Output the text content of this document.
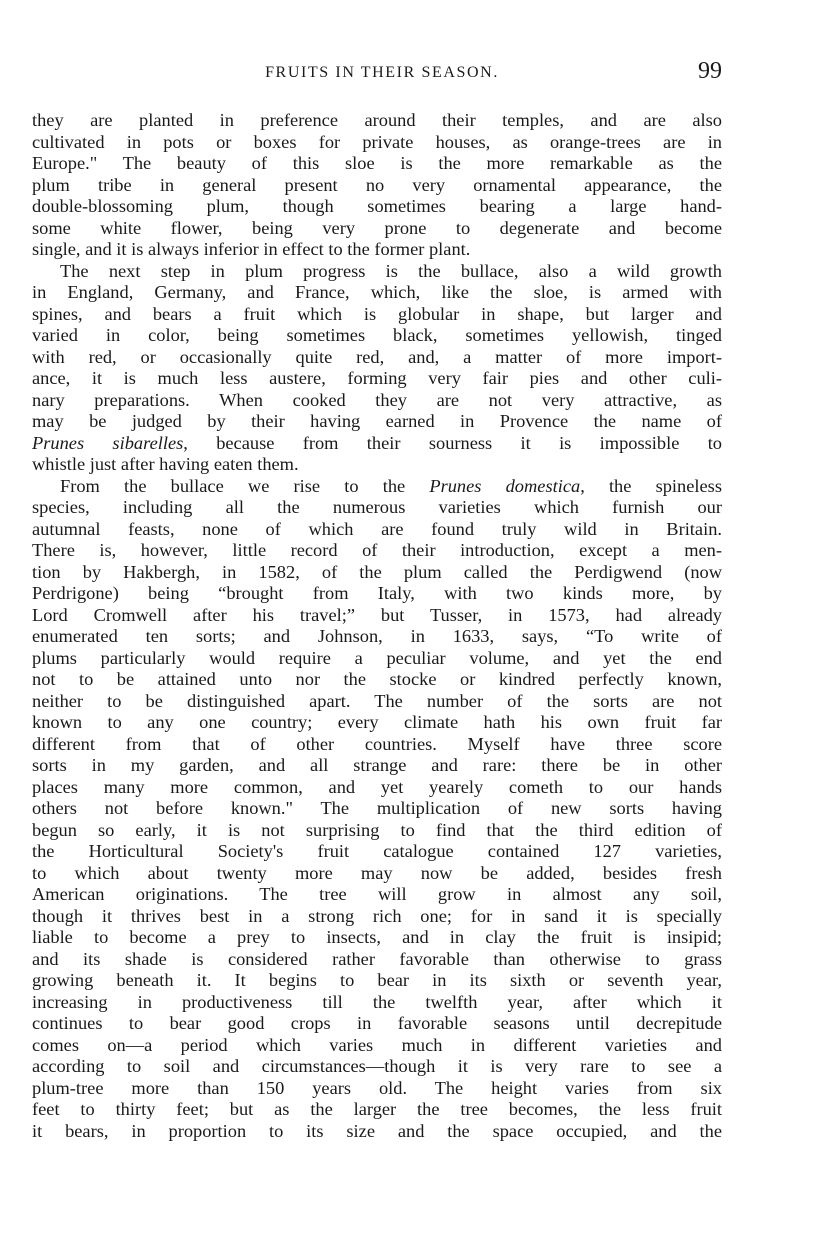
FRUITS IN THEIR SEASON.	99
they are planted in preference around their temples, and are also
cultivated in pots or boxes for private houses, as orange-trees are in
Europe." The beauty of this sloe is the more remarkable as the
plum tribe in general present no very ornamental appearance, the
double-blossoming plum, though sometimes bearing a large hand-
some white flower, being very prone to degenerate and become
single, and it is always inferior in effect to the former plant.
The next step in plum progress is the bullace, also a wild growth
in England, Germany, and France, which, like the sloe, is armed with
spines, and bears a fruit which is globular in shape, but larger and
varied in color, being sometimes black, sometimes yellowish, tinged
with red, or occasionally quite red, and, a matter of more import-
ance, it is much less austere, forming very fair pies and other culi-
nary preparations. When cooked they are not very attractive, as
may be judged by their having earned in Provence the name of
Prunes sibarelles, because from their sourness it is impossible to
whistle just after having eaten them.
From the bullace we rise to the Prunes domestica, the spineless
species, including all the numerous varieties which furnish our
autumnal feasts, none of which are found truly wild in Britain.
There is, however, little record of their introduction, except a men-
tion by Hakbergh, in 1582, of the plum called the Perdigwend (now
Perdrigone) being “brought from Italy, with two kinds more, by
Lord Cromwell after his travel;” but Tusser, in 1573, had already
enumerated ten sorts; and Johnson, in 1633, says, “To write of
plums particularly would require a peculiar volume, and yet the end
not to be attained unto nor the stocke or kindred perfectly known,
neither to be distinguished apart. The number of the sorts are not
known to any one country; every climate hath his own fruit far
different from that of other countries. Myself have three score
sorts in my garden, and all strange and rare: there be in other
places many more common, and yet yearely cometh to our hands
others not before known." The multiplication of new sorts having
begun so early, it is not surprising to find that the third edition of
the Horticultural Society's fruit catalogue contained 127 varieties,
to which about twenty more may now be added, besides fresh
American originations. The tree will grow in almost any soil,
though it thrives best in a strong rich one; for in sand it is specially
liable to become a prey to insects, and in clay the fruit is insipid;
and its shade is considered rather favorable than otherwise to grass
growing beneath it. It begins to bear in its sixth or seventh year,
increasing in productiveness till the twelfth year, after which it
continues to bear good crops in favorable seasons until decrepitude
comes on—a period which varies much in different varieties and
according to soil and circumstances—though it is very rare to see a
plum-tree more than 150 years old. The height varies from six
feet to thirty feet; but as the larger the tree becomes, the less fruit
it bears, in proportion to its size and the space occupied, and the
